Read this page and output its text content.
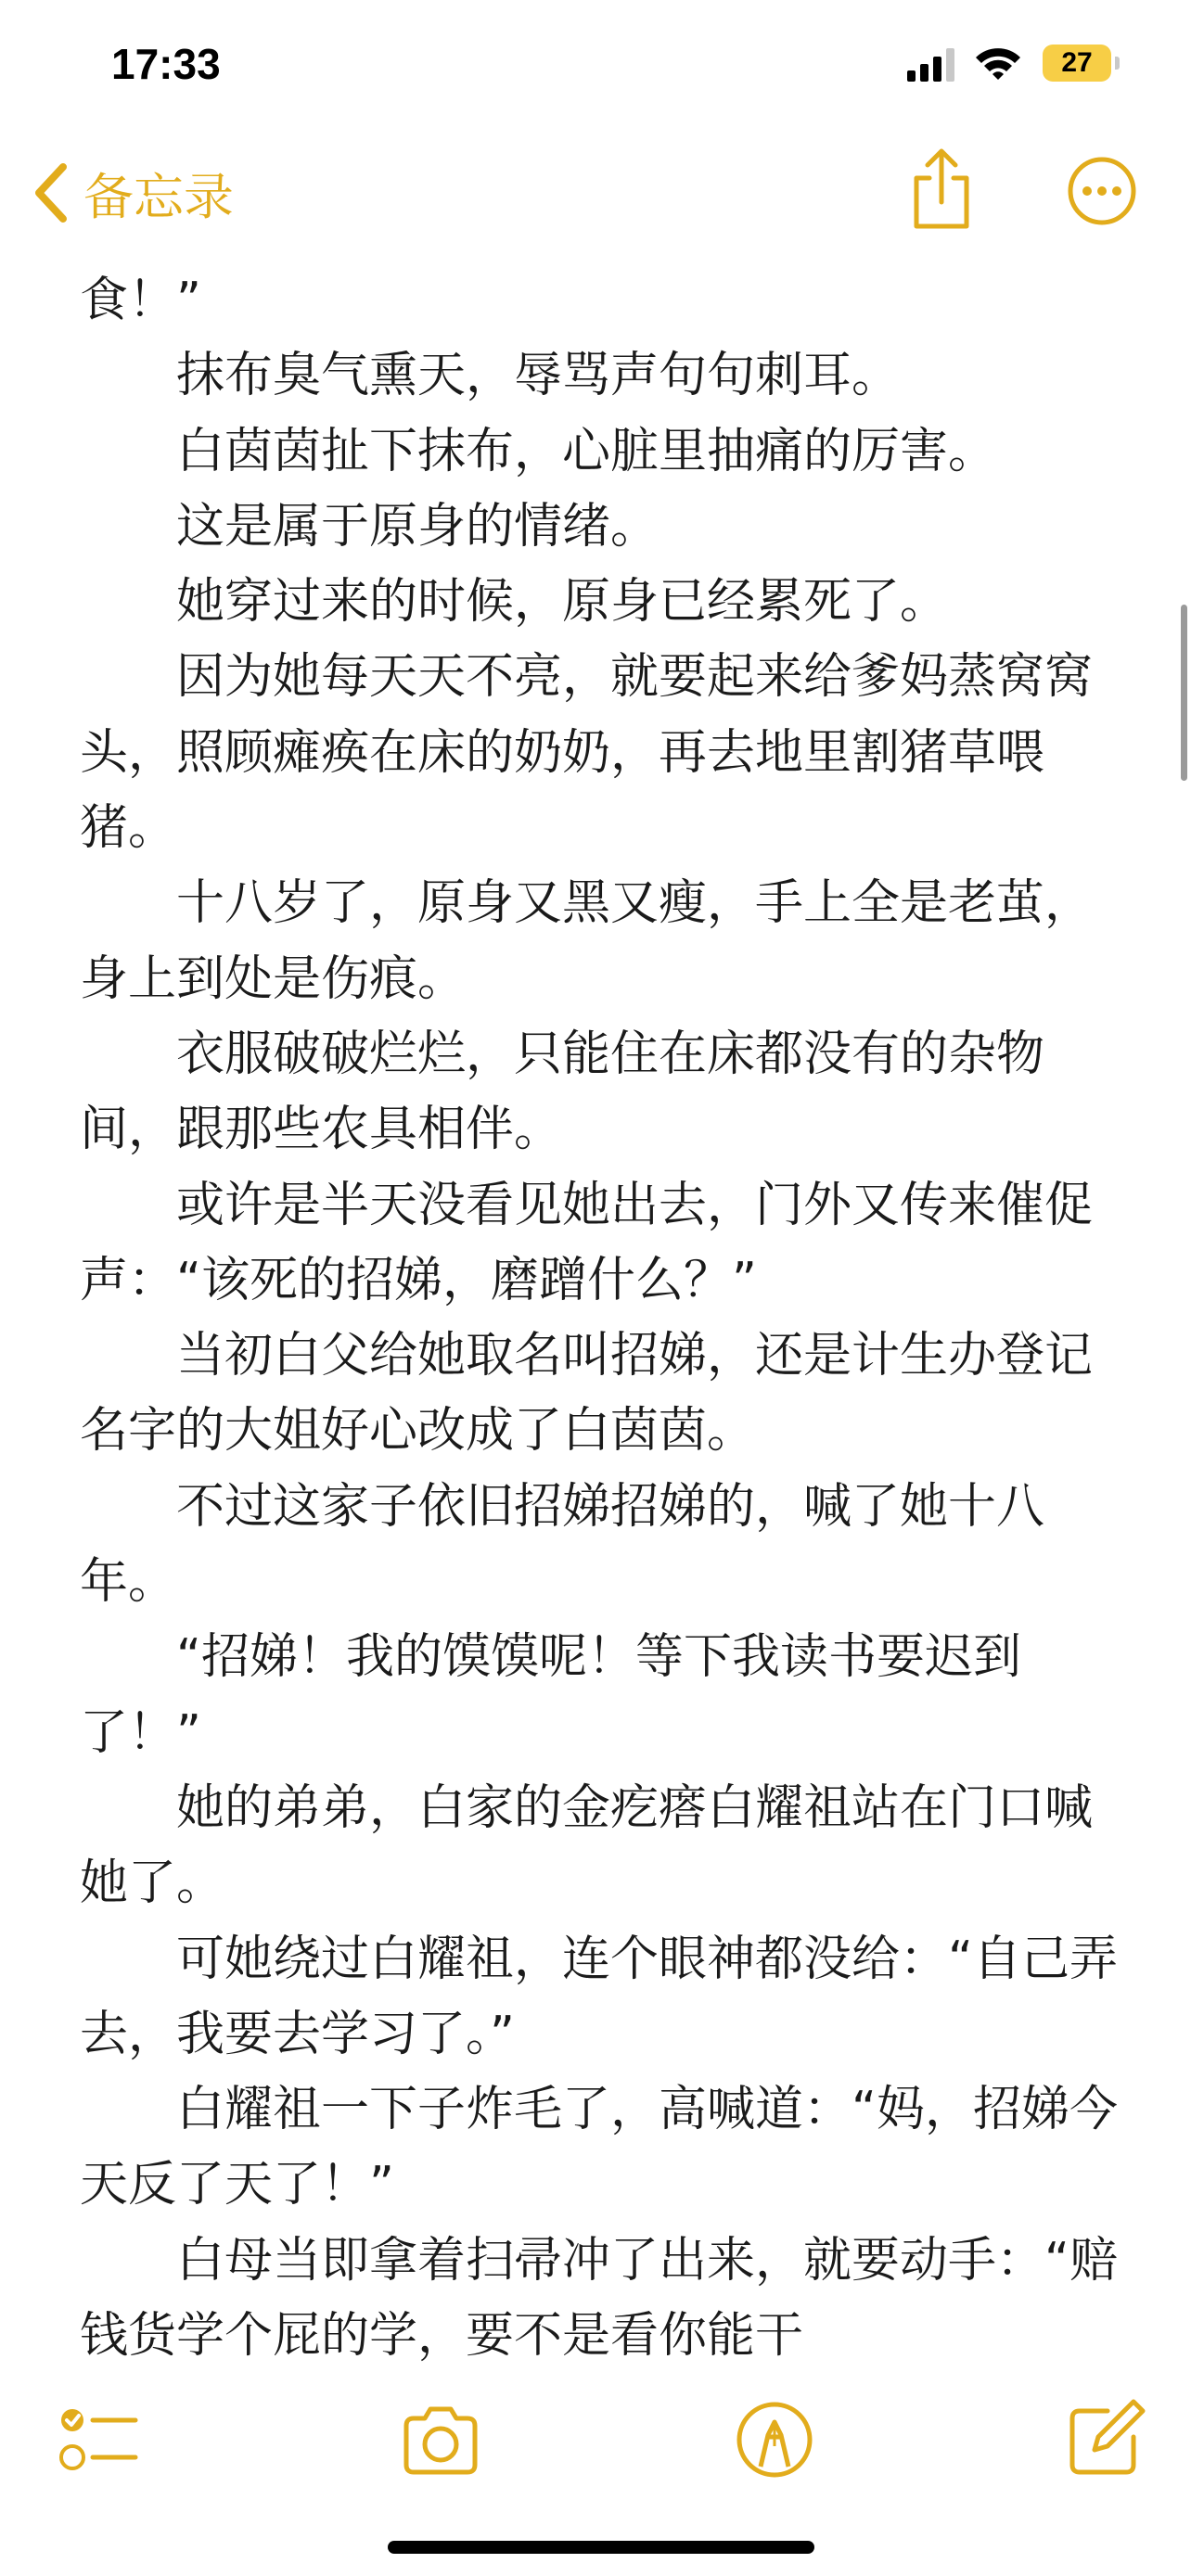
17:33	27
备忘录

食！”

抹布臭气熏天，辱骂声句句刺耳。

白茵茵扯下抹布，心脏里抽痛的厉害。

这是属于原身的情绪。

她穿过来的时候，原身已经累死了。

因为她每天天不亮，就要起来给爹妈蒸窝窝头，照顾瘫痪在床的奶奶，再去地里割猪草喂猪。

十八岁了，原身又黑又瘦，手上全是老茧，身上到处是伤痕。

衣服破破烂烂，只能住在床都没有的杂物间，跟那些农具相伴。

或许是半天没看见她出去，门外又传来催促声：“该死的招娣，磨蹭什么？”

当初白父给她取名叫招娣，还是计生办登记名字的大姐好心改成了白茵茵。

不过这家子依旧招娣招娣的，喊了她十八年。

“招娣！我的馍馍呢！等下我读书要迟到了！”

她的弟弟，白家的金疙瘩白耀祖站在门口喊她了。

可她绕过白耀祖，连个眼神都没给：“自己弄去，我要去学习了。”

白耀祖一下子炸毛了，高喊道：“妈，招娣今天反了天了！”

白母当即拿着扫帚冲了出来，就要动手：“赔钱货学个屁的学，要不是看你能干
